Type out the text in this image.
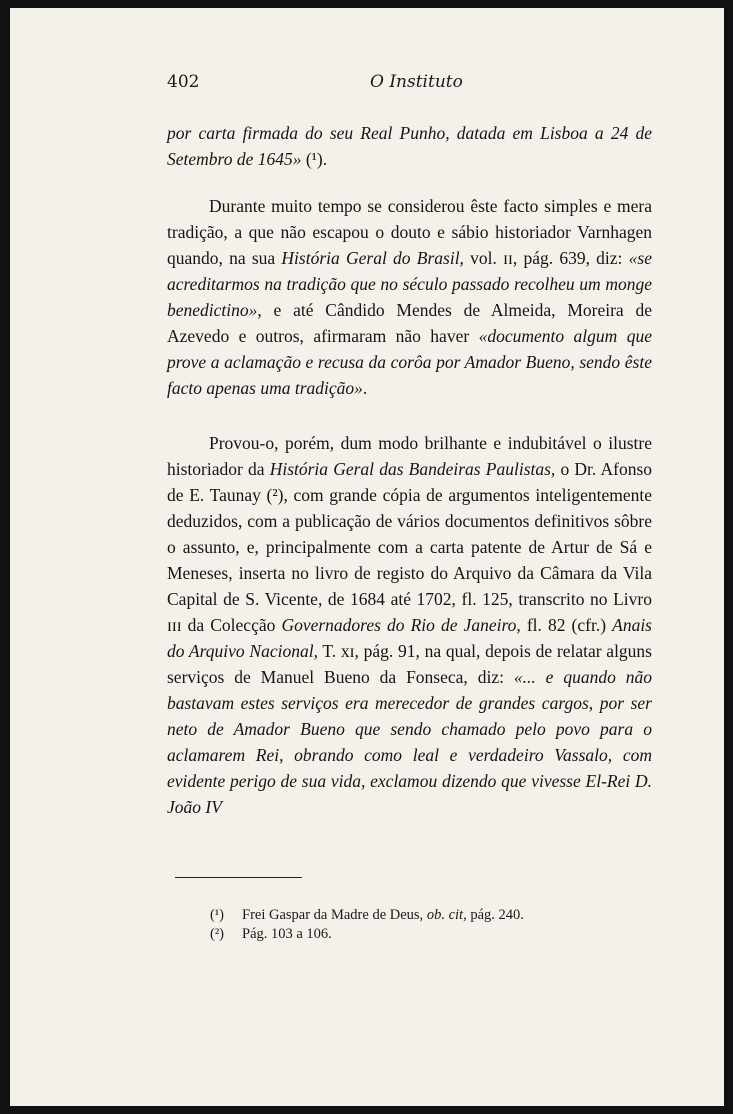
402	O Instituto
por carta firmada do seu Real Punho, datada em Lisboa a 24 de Setembro de 1645» (¹).
Durante muito tempo se considerou êste facto simples e mera tradição, a que não escapou o douto e sábio historiador Varnhagen quando, na sua História Geral do Brasil, vol. ɪɪ, pág. 639, diz: «se acreditarmos na tradição que no século passado recolheu um monge benedictino», e até Cândido Mendes de Almeida, Moreira de Azevedo e outros, afirmaram não haver «documento algum que prove a aclamação e recusa da corôa por Amador Bueno, sendo êste facto apenas uma tradição».
Provou-o, porém, dum modo brilhante e indubitável o ilustre historiador da História Geral das Bandeiras Paulistas, o Dr. Afonso de E. Taunay (²), com grande cópia de argumentos inteligentemente deduzidos, com a publicação de vários documentos definitivos sôbre o assunto, e, principalmente com a carta patente de Artur de Sá e Meneses, inserta no livro de registo do Arquivo da Câmara da Vila Capital de S. Vicente, de 1684 até 1702, fl. 125, transcrito no Livro ɪɪɪ da Colecção Governadores do Rio de Janeiro, fl. 82 (cfr.) Anais do Arquivo Nacional, T. xɪ, pág. 91, na qual, depois de relatar alguns serviços de Manuel Bueno da Fonseca, diz: «... e quando não bastavam estes serviços era merecedor de grandes cargos, por ser neto de Amador Bueno que sendo chamado pelo povo para o aclamarem Rei, obrando como leal e verdadeiro Vassalo, com evidente perigo de sua vida, exclamou dizendo que vivesse El-Rei D. João IV
(¹) Frei Gaspar da Madre de Deus, ob. cit, pág. 240.
(²) Pág. 103 a 106.
